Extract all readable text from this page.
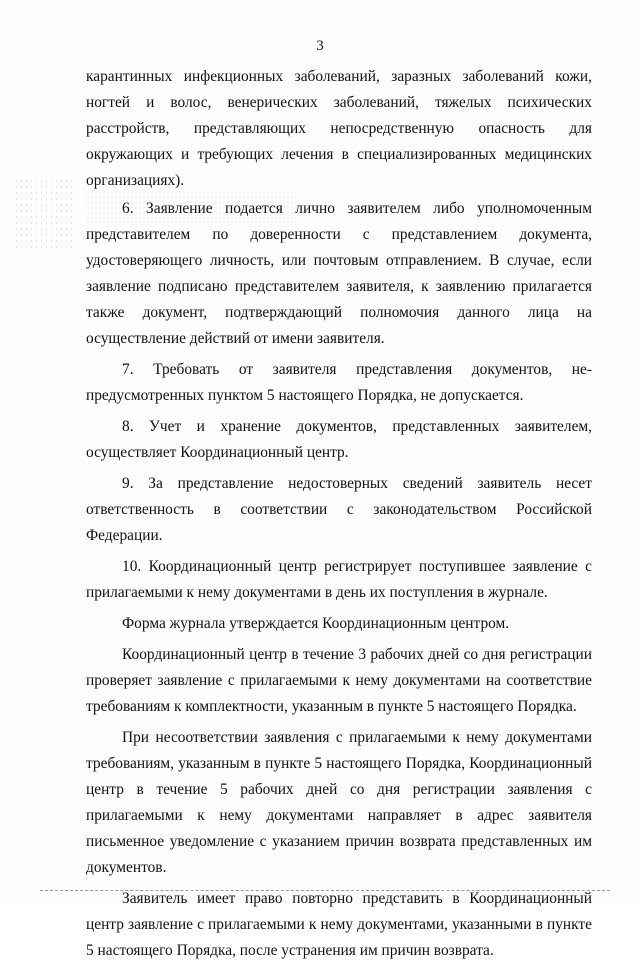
3

карантинных инфекционных заболеваний, заразных заболеваний кожи, ногтей и волос, венерических заболеваний, тяжелых психических расстройств, представляющих непосредственную опасность для окружающих и требующих лечения в специализированных медицинских организациях).

6. Заявление подается лично заявителем либо уполномоченным представителем по доверенности с представлением документа, удостоверяющего личность, или почтовым отправлением. В случае, если заявление подписано представителем заявителя, к заявлению прилагается также документ, подтверждающий полномочия данного лица на осуществление действий от имени заявителя.

7. Требовать от заявителя представления документов, не-предусмотренных пунктом 5 настоящего Порядка, не допускается.

8. Учет и хранение документов, представленных заявителем, осуществляет Координационный центр.

9. За представление недостоверных сведений заявитель несет ответственность в соответствии с законодательством Российской Федерации.

10. Координационный центр регистрирует поступившее заявление с прилагаемыми к нему документами в день их поступления в журнале.

Форма журнала утверждается Координационным центром.

Координационный центр в течение 3 рабочих дней со дня регистрации проверяет заявление с прилагаемыми к нему документами на соответствие требованиям к комплектности, указанным в пункте 5 настоящего Порядка.

При несоответствии заявления с прилагаемыми к нему документами требованиям, указанным в пункте 5 настоящего Порядка, Координационный центр в течение 5 рабочих дней со дня регистрации заявления с прилагаемыми к нему документами направляет в адрес заявителя письменное уведомление с указанием причин возврата представленных им документов.

Заявитель имеет право повторно представить в Координационный центр заявление с прилагаемыми к нему документами, указанными в пункте 5 настоящего Порядка, после устранения им причин возврата.
